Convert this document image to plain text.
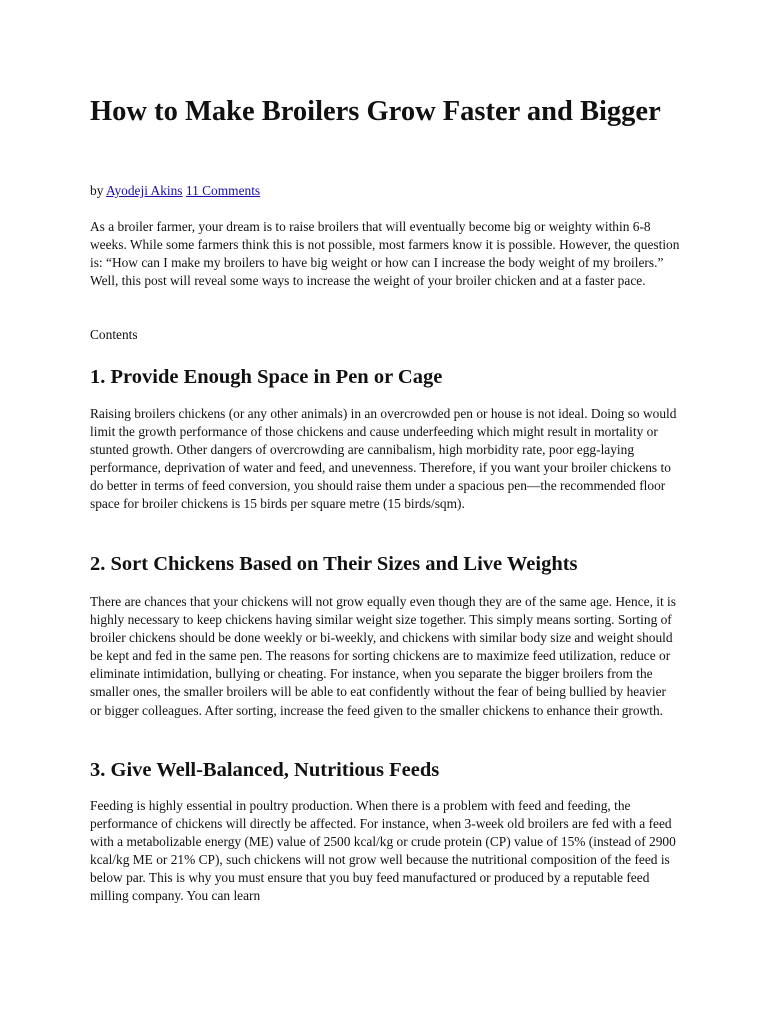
How to Make Broilers Grow Faster and Bigger

by Ayodeji Akins 11 Comments

As a broiler farmer, your dream is to raise broilers that will eventually become big or weighty within 6-8 weeks. While some farmers think this is not possible, most farmers know it is possible. However, the question is: “How can I make my broilers to have big weight or how can I increase the body weight of my broilers.” Well, this post will reveal some ways to increase the weight of your broiler chicken and at a faster pace.

Contents

1. Provide Enough Space in Pen or Cage

Raising broilers chickens (or any other animals) in an overcrowded pen or house is not ideal. Doing so would limit the growth performance of those chickens and cause underfeeding which might result in mortality or stunted growth. Other dangers of overcrowding are cannibalism, high morbidity rate, poor egg-laying performance, deprivation of water and feed, and unevenness. Therefore, if you want your broiler chickens to do better in terms of feed conversion, you should raise them under a spacious pen—the recommended floor space for broiler chickens is 15 birds per square metre (15 birds/sqm).

2. Sort Chickens Based on Their Sizes and Live Weights

There are chances that your chickens will not grow equally even though they are of the same age. Hence, it is highly necessary to keep chickens having similar weight size together. This simply means sorting. Sorting of broiler chickens should be done weekly or bi-weekly, and chickens with similar body size and weight should be kept and fed in the same pen. The reasons for sorting chickens are to maximize feed utilization, reduce or eliminate intimidation, bullying or cheating. For instance, when you separate the bigger broilers from the smaller ones, the smaller broilers will be able to eat confidently without the fear of being bullied by heavier or bigger colleagues. After sorting, increase the feed given to the smaller chickens to enhance their growth.

3. Give Well-Balanced, Nutritious Feeds

Feeding is highly essential in poultry production. When there is a problem with feed and feeding, the performance of chickens will directly be affected. For instance, when 3-week old broilers are fed with a feed with a metabolizable energy (ME) value of 2500 kcal/kg or crude protein (CP) value of 15% (instead of 2900 kcal/kg ME or 21% CP), such chickens will not grow well because the nutritional composition of the feed is below par. This is why you must ensure that you buy feed manufactured or produced by a reputable feed milling company. You can learn
